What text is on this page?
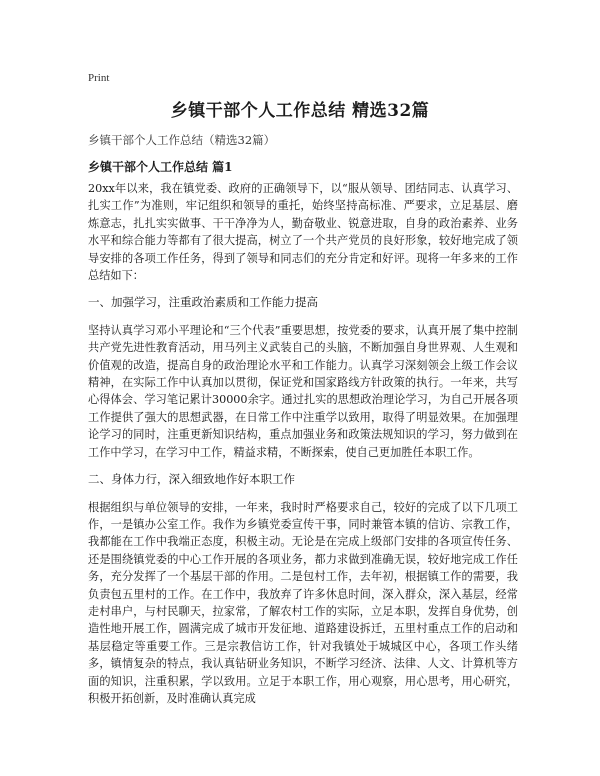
Print
乡镇干部个人工作总结 精选32篇
乡镇干部个人工作总结（精选32篇）
乡镇干部个人工作总结 篇1

20xx年以来，我在镇党委、政府的正确领导下，以“服从领导、团结同志、认真学习、扎实工作”为准则，牢记组织和领导的重托，始终坚持高标准、严要求，立足基层、磨炼意志，扎扎实实做事、干干净净为人，勤奋敬业、锐意进取，自身的政治素养、业务水平和综合能力等都有了很大提高，树立了一个共产党员的良好形象，较好地完成了领导安排的各项工作任务，得到了领导和同志们的充分肯定和好评。现将一年多来的工作总结如下：

一、加强学习，注重政治素质和工作能力提高

坚持认真学习邓小平理论和“三个代表”重要思想，按党委的要求，认真开展了集中控制共产党先进性教育活动，用马列主义武装自己的头脑，不断加强自身世界观、人生观和价值观的改造，提高自身的政治理论水平和工作能力。认真学习深刻领会上级工作会议精神，在实际工作中认真加以贯彻，保证党和国家路线方针政策的执行。一年来，共写心得体会、学习笔记累计30000余字。通过扎实的思想政治理论学习，为自己开展各项工作提供了强大的思想武器，在日常工作中注重学以致用，取得了明显效果。在加强理论学习的同时，注重更新知识结构，重点加强业务和政策法规知识的学习，努力做到在工作中学习，在学习中工作，精益求精，不断探索，使自己更加胜任本职工作。

二、身体力行，深入细致地作好本职工作

根据组织与单位领导的安排，一年来，我时时严格要求自己，较好的完成了以下几项工作，一是镇办公室工作。我作为乡镇党委宣传干事，同时兼管本镇的信访、宗教工作，我都能在工作中我端正态度，积极主动。无论是在完成上级部门安排的各项宣传任务、还是围绕镇党委的中心工作开展的各项业务，都力求做到准确无误，较好地完成工作任务，充分发挥了一个基层干部的作用。二是包村工作，去年初，根据镇工作的需要，我负责包五里村的工作。在工作中，我放弃了许多休息时间，深入群众，深入基层，经常走村串户，与村民聊天，拉家常，了解农村工作的实际，立足本职，发挥自身优势，创造性地开展工作，圆满完成了城市开发征地、道路建设拆迁，五里村重点工作的启动和基层稳定等重要工作。三是宗教信访工作，针对我镇处于城城区中心，各项工作头绪多，镇情复杂的特点，我认真钻研业务知识，不断学习经济、法律、人文、计算机等方面的知识，注重积累，学以致用。立足于本职工作，用心观察，用心思考，用心研究，积极开拓创新，及时准确认真完成
